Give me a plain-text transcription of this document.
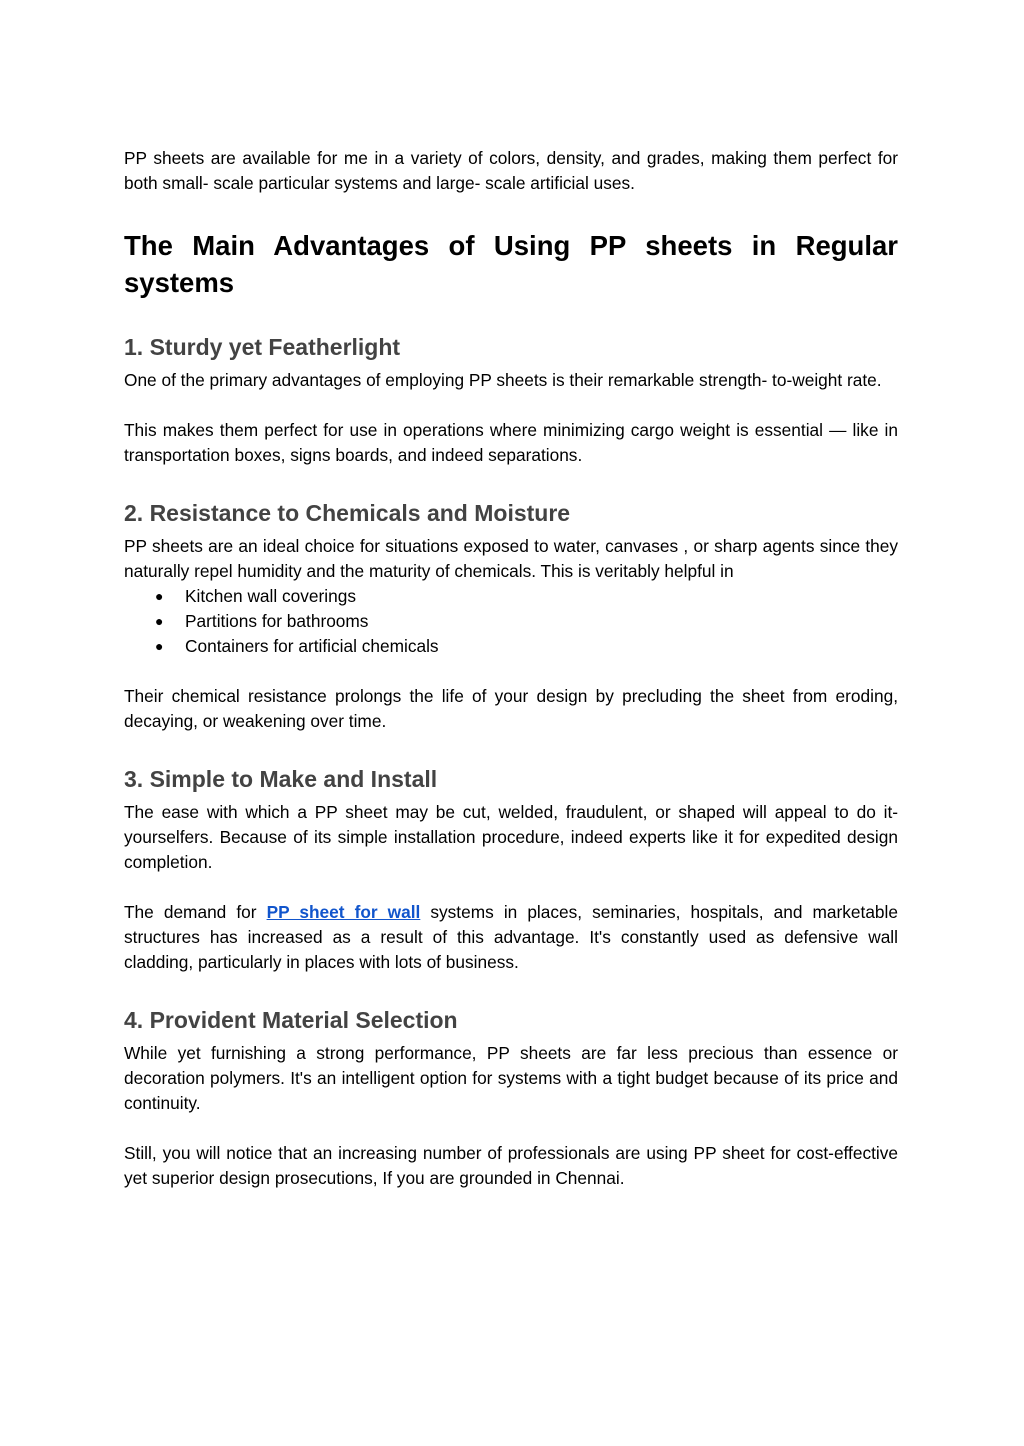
PP sheets are available for me in a variety of colors, density, and grades, making them perfect for both small- scale particular systems and large- scale artificial uses.

The Main Advantages of Using PP sheets in Regular
systems
1. Sturdy yet Featherlight

One of the primary advantages of employing PP sheets is their remarkable strength- to-weight rate.

This makes them perfect for use in operations where minimizing cargo weight is essential — like in transportation boxes, signs boards, and indeed separations.

2. Resistance to Chemicals and Moisture

PP sheets are an ideal choice for situations exposed to water, canvases , or sharp agents since they naturally repel humidity and the maturity of chemicals. This is veritably helpful in

● Kitchen wall coverings
● Partitions for bathrooms
● Containers for artificial chemicals

Their chemical resistance prolongs the life of your design by precluding the sheet from eroding, decaying, or weakening over time.

3. Simple to Make and Install

The ease with which a PP sheet may be cut, welded, fraudulent, or shaped will appeal to do it- yourselfers. Because of its simple installation procedure, indeed experts like it for expedited design completion.

The demand for PP sheet for wall systems in places, seminaries, hospitals, and marketable structures has increased as a result of this advantage. It's constantly used as defensive wall cladding, particularly in places with lots of business.

4. Provident Material Selection

While yet furnishing a strong performance, PP sheets are far less precious than essence or decoration polymers. It's an intelligent option for systems with a tight budget because of its price and continuity.

Still, you will notice that an increasing number of professionals are using PP sheet for cost-effective yet superior design prosecutions, If you are grounded in Chennai.
